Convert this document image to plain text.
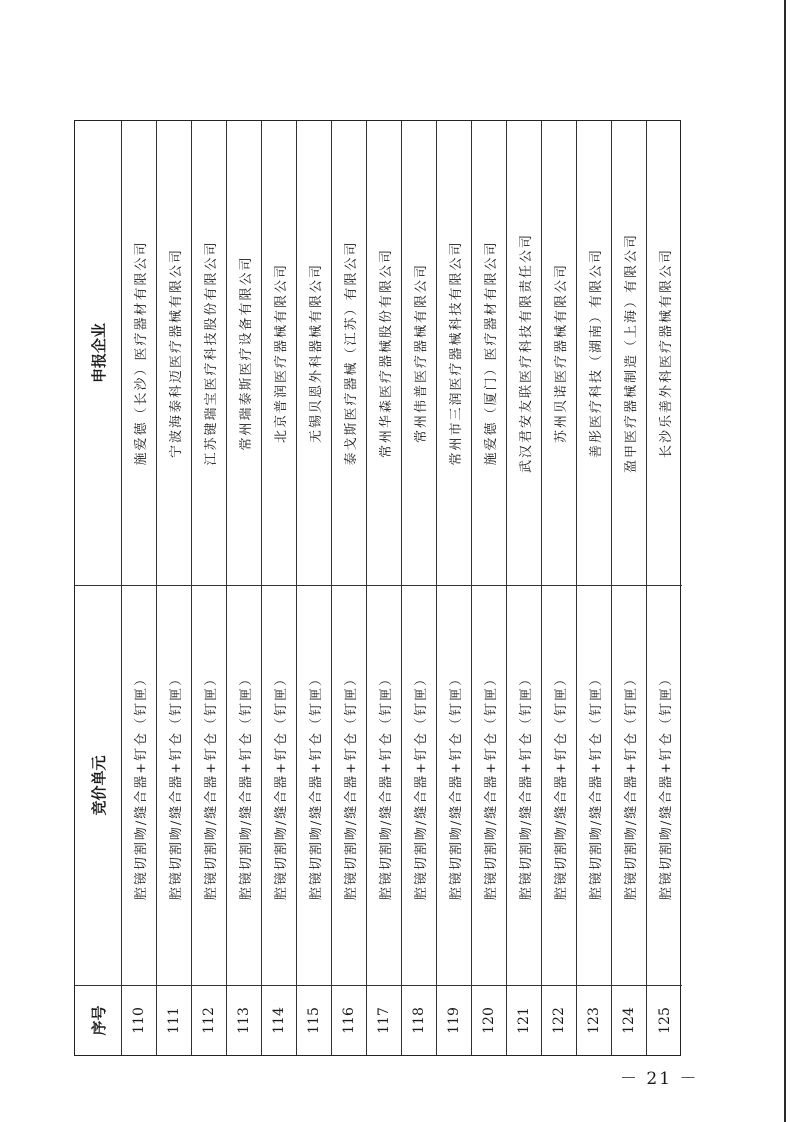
序号
竞价单元
申报企业
110
腔镜切割吻/缝合器+钉仓（钉匣）
施爱德（长沙）医疗器材有限公司
111
腔镜切割吻/缝合器+钉仓（钉匣）
宁波海泰科迈医疗器械有限公司
112
腔镜切割吻/缝合器+钉仓（钉匣）
江苏键瑞宝医疗科技股份有限公司
113
腔镜切割吻/缝合器+钉仓（钉匣）
常州瑞泰斯医疗设备有限公司
114
腔镜切割吻/缝合器+钉仓（钉匣）
北京普润医疗器械有限公司
115
腔镜切割吻/缝合器+钉仓（钉匣）
无锡贝恩外科器械有限公司
116
腔镜切割吻/缝合器+钉仓（钉匣）
泰戈斯医疗器械（江苏）有限公司
117
腔镜切割吻/缝合器+钉仓（钉匣）
常州华森医疗器械股份有限公司
118
腔镜切割吻/缝合器+钉仓（钉匣）
常州伟普医疗器械有限公司
119
腔镜切割吻/缝合器+钉仓（钉匣）
常州市三润医疗器械科技有限公司
120
腔镜切割吻/缝合器+钉仓（钉匣）
施爱德（厦门）医疗器材有限公司
121
腔镜切割吻/缝合器+钉仓（钉匣）
武汉君安友联医疗科技有限责任公司
122
腔镜切割吻/缝合器+钉仓（钉匣）
苏州贝诺医疗器械有限公司
123
腔镜切割吻/缝合器+钉仓（钉匣）
善彤医疗科技（湖南）有限公司
124
腔镜切割吻/缝合器+钉仓（钉匣）
盈甲医疗器械制造（上海）有限公司
125
腔镜切割吻/缝合器+钉仓（钉匣）
长沙乐善外科医疗器械有限公司
－ 21 －
